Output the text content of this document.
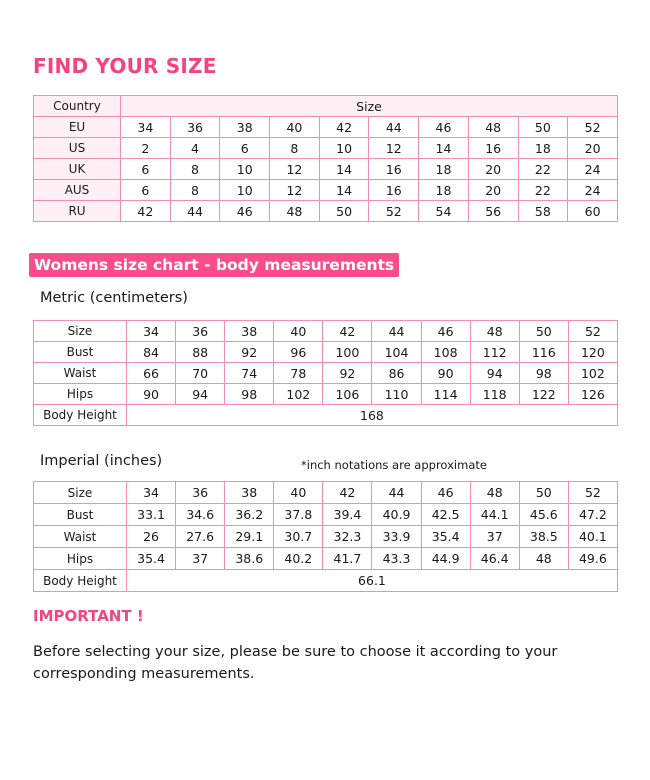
FIND YOUR SIZE
Country	Size									
EU	34	36	38	40	42	44	46	48	50	52
US	2	4	6	8	10	12	14	16	18	20
UK	6	8	10	12	14	16	18	20	22	24
AUS	6	8	10	12	14	16	18	20	22	24
RU	42	44	46	48	50	52	54	56	58	60
Womens size chart - body measurements
Metric (centimeters)
Size	34	36	38	40	42	44	46	48	50	52
Bust	84	88	92	96	100	104	108	112	116	120
Waist	66	70	74	78	92	86	90	94	98	102
Hips	90	94	98	102	106	110	114	118	122	126
Body Height	168									
Imperial (inches)	*inch notations are approximate
Size	34	36	38	40	42	44	46	48	50	52
Bust	33.1	34.6	36.2	37.8	39.4	40.9	42.5	44.1	45.6	47.2
Waist	26	27.6	29.1	30.7	32.3	33.9	35.4	37	38.5	40.1
Hips	35.4	37	38.6	40.2	41.7	43.3	44.9	46.4	48	49.6
Body Height	66.1									
IMPORTANT !
Before selecting your size, please be sure to choose it according to your corresponding measurements.
